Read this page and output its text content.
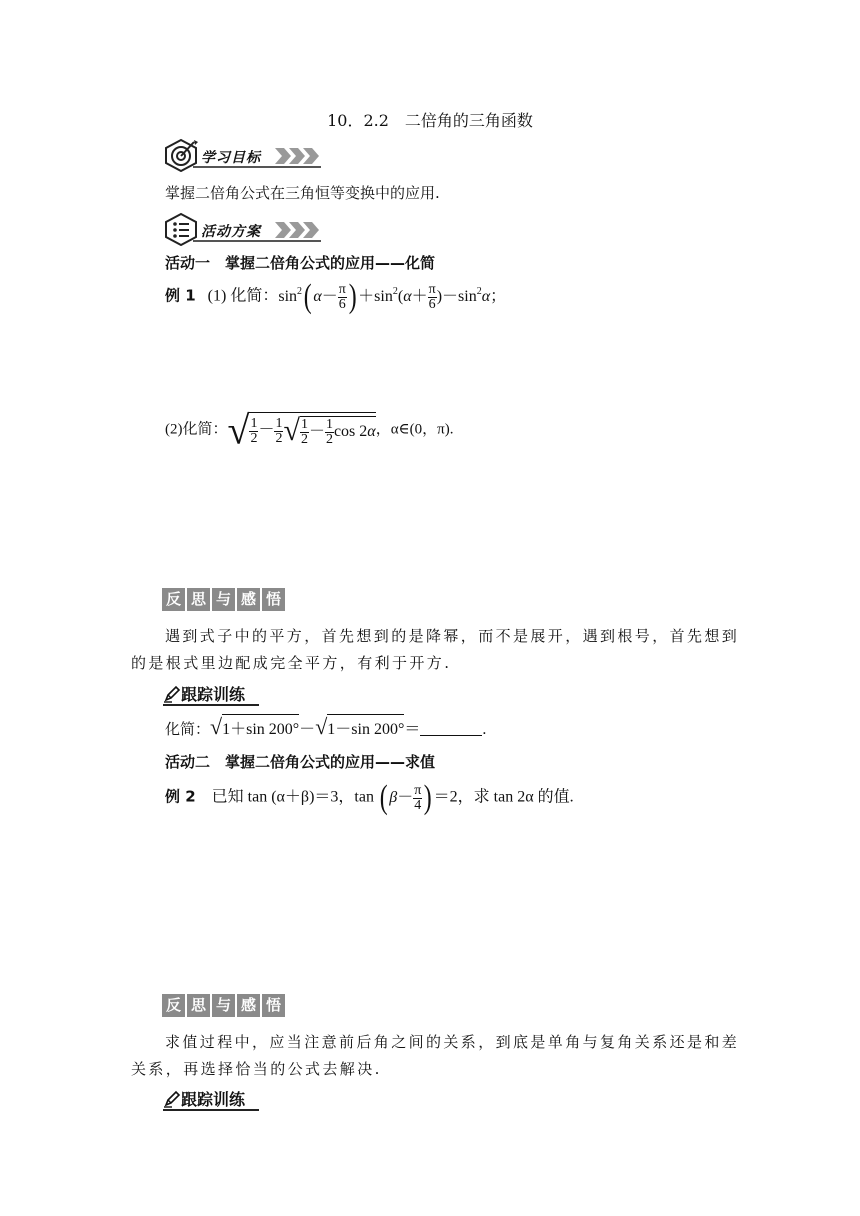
10．2.2　二倍角的三角函数
学习目标
掌握二倍角公式在三角恒等变换中的应用.
活动方案
活动一　掌握二倍角公式的应用——化简
例 1 (1) 化简：$\sin^2$( $\alpha- \frac{\pi}{6}$ ) $+\sin^2(\alpha+ \frac{\pi}{6} )-\sin^2\alpha$；
(2)化简：√ $\frac{1}{2} - \frac{1}{2}$ √ $\frac{1}{2} - \frac{1}{2}$ cos 2α，α∈(0，π).
反 思 与 感 悟
遇到式子中的平方，首先想到的是降幂，而不是展开，遇到根号，首先想到
的是根式里边配成完全平方，有利于开方.
跟踪训练
化简：√1＋sin 200°－√1－sin 200°＝	.
活动二　掌握二倍角公式的应用——求值
例 2 已知 tan (α＋β)＝3，tan ( $\beta- \frac{\pi}{4}$ ) ＝2，求 tan 2α 的值.
反 思 与 感 悟
求值过程中，应当注意前后角之间的关系，到底是单角与复角关系还是和差
关系，再选择恰当的公式去解决.
跟踪训练
